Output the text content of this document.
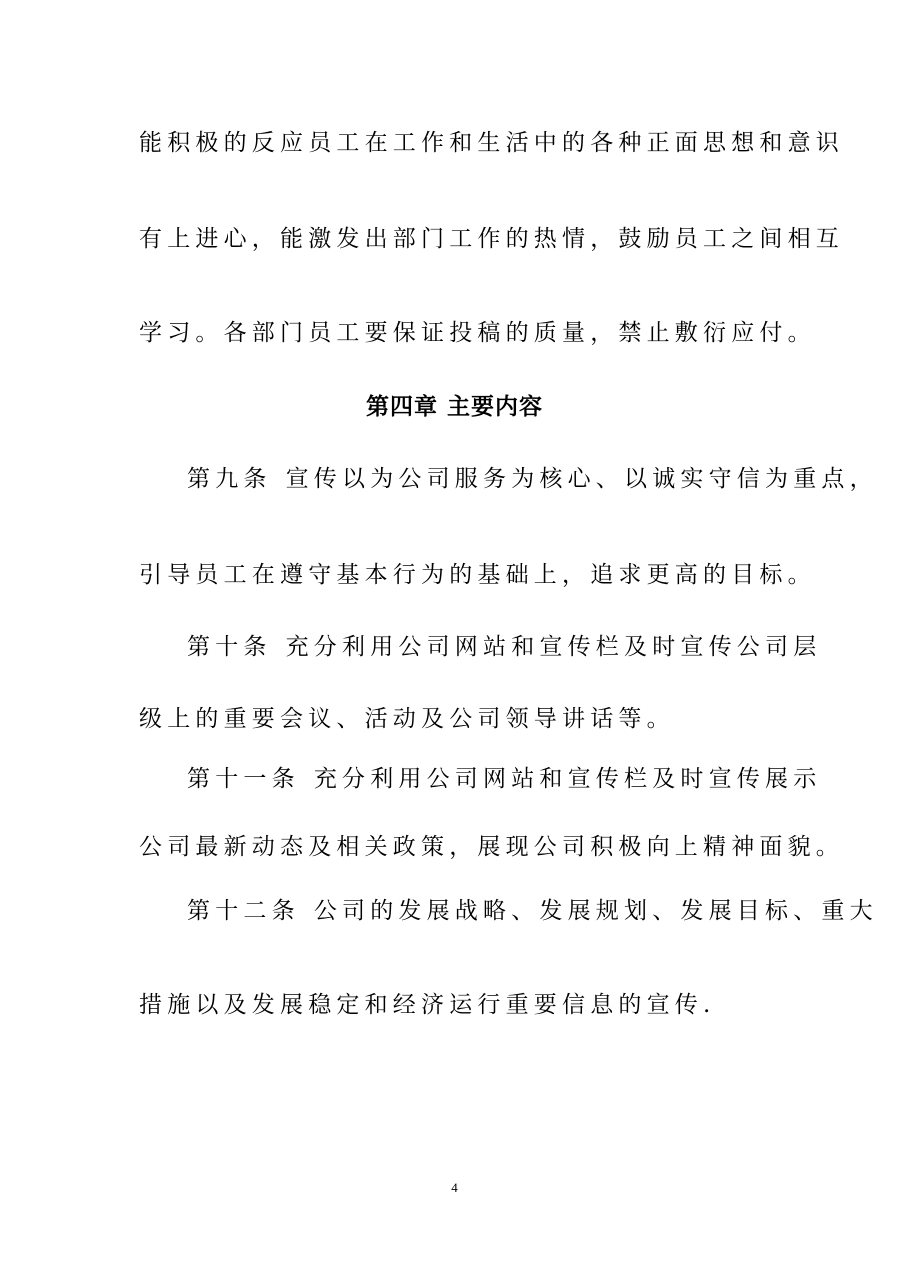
能积极的反应员工在工作和生活中的各种正面思想和意识
有上进心，能激发出部门工作的热情，鼓励员工之间相互
学习。各部门员工要保证投稿的质量，禁止敷衍应付。
第四章 主要内容
第九条 宣传以为公司服务为核心、以诚实守信为重点，
引导员工在遵守基本行为的基础上，追求更高的目标。
第十条 充分利用公司网站和宣传栏及时宣传公司层
级上的重要会议、活动及公司领导讲话等。
第十一条 充分利用公司网站和宣传栏及时宣传展示
公司最新动态及相关政策，展现公司积极向上精神面貌。
第十二条 公司的发展战略、发展规划、发展目标、重大
措施以及发展稳定和经济运行重要信息的宣传.
4
